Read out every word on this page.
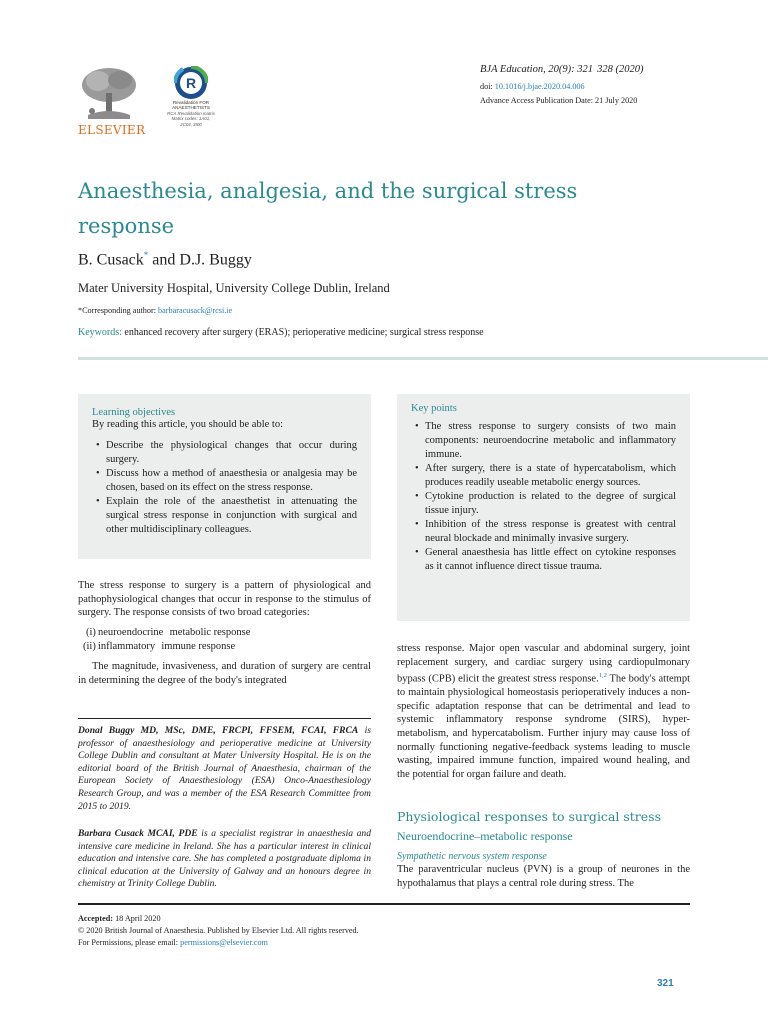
ELSEVIER
R
Revalidation FOR ANAESTHETISTS
RCA Revalidation matrix
Matrix codes: 1A01,
2C04, 3I00
BJA Education, 20(9): 321  328 (2020)
doi: 10.1016/j.bjae.2020.04.006
Advance Access Publication Date: 21 July 2020
Anaesthesia, analgesia, and the surgical stress
response
B. Cusack* and D.J. Buggy
Mater University Hospital, University College Dublin, Ireland
*Corresponding author: barbaracusack@rcsi.ie
Keywords: enhanced recovery after surgery (ERAS); perioperative medicine; surgical stress response
Learning objectives
By reading this article, you should be able to:
• Describe the physiological changes that occur during surgery.
• Discuss how a method of anaesthesia or analgesia may be chosen, based on its effect on the stress response.
• Explain the role of the anaesthetist in attenuating the surgical stress response in conjunction with surgical and other multidisciplinary colleagues.
Key points
• The stress response to surgery consists of two main components: neuroendocrine metabolic and inflammatory immune.
• After surgery, there is a state of hypercatabolism, which produces readily useable metabolic energy sources.
• Cytokine production is related to the degree of surgical tissue injury.
• Inhibition of the stress response is greatest with central neural blockade and minimally invasive surgery.
• General anaesthesia has little effect on cytokine responses as it cannot influence direct tissue trauma.
The stress response to surgery is a pattern of physiological and pathophysiological changes that occur in response to the stimulus of surgery. The response consists of two broad categories:
(i) neuroendocrine   metabolic response
(ii) inflammatory   immune response
The magnitude, invasiveness, and duration of surgery are central in determining the degree of the body's integrated
Donal Buggy MD, MSc, DME, FRCPI, FFSEM, FCAI, FRCA is professor of anaesthesiology and perioperative medicine at University College Dublin and consultant at Mater University Hospital. He is on the editorial board of the British Journal of Anaesthesia, chairman of the European Society of Anaesthesiology (ESA) Onco-Anaesthesiology Research Group, and was a member of the ESA Research Committee from 2015 to 2019.
Barbara Cusack MCAI, PDE is a specialist registrar in anaesthesia and intensive care medicine in Ireland. She has a particular interest in clinical education and intensive care. She has completed a postgraduate diploma in clinical education at the University of Galway and an honours degree in chemistry at Trinity College Dublin.
stress response. Major open vascular and abdominal surgery, joint replacement surgery, and cardiac surgery using cardiopulmonary bypass (CPB) elicit the greatest stress response.$^{1,2}$ The body's attempt to maintain physiological homeostasis perioperatively induces a non-specific adaptation response that can be detrimental and lead to systemic inflammatory response syndrome (SIRS), hyper-metabolism, and hypercatabolism. Further injury may cause loss of normally functioning negative-feedback systems leading to muscle wasting, impaired immune function, impaired wound healing, and the potential for organ failure and death.
Physiological responses to surgical stress
Neuroendocrine–metabolic response
Sympathetic nervous system response
The paraventricular nucleus (PVN) is a group of neurones in the hypothalamus that plays a central role during stress. The
Accepted: 18 April 2020
© 2020 British Journal of Anaesthesia. Published by Elsevier Ltd. All rights reserved.
For Permissions, please email: permissions@elsevier.com
321
